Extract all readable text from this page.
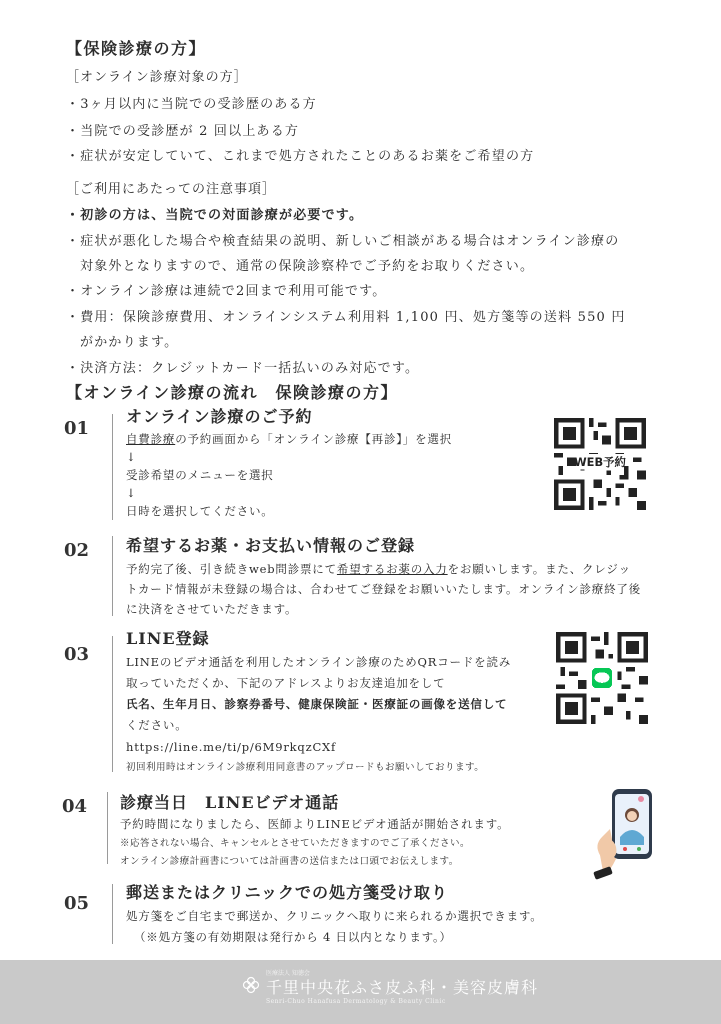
【保険診療の方】
［オンライン診療対象の方］
・3ヶ月以内に当院での受診歴のある方
・当院での受診歴が 2 回以上ある方
・症状が安定していて、これまで処方されたことのあるお薬をご希望の方
［ご利用にあたっての注意事項］
・初診の方は、当院での対面診療が必要です。
・症状が悪化した場合や検査結果の説明、新しいご相談がある場合はオンライン診療の
対象外となりますので、通常の保険診察枠でご予約をお取りください。
・オンライン診療は連続で2回まで利用可能です。
・費用：保険診療費用、オンラインシステム利用料 1,100 円、処方箋等の送料 550 円
がかかります。
・決済方法：クレジットカード一括払いのみ対応です。
【オンライン診療の流れ　保険診療の方】
01
オンライン診療のご予約
自費診療の予約画面から「オンライン診療【再診】」を選択
↓
受診希望のメニューを選択
↓
日時を選択してください。
WEB予約
02 希望するお薬・お支払い情報のご登録
予約完了後、引き続きweb問診票にて希望するお薬の入力をお願いします。また、クレジッ
トカード情報が未登録の場合は、合わせてご登録をお願いいたします。オンライン診療終了後
に決済をさせていただきます。
03
LINE登録
LINEのビデオ通話を利用したオンライン診療のためQRコードを読み
取っていただくか、下記のアドレスよりお友達追加をして
氏名、生年月日、診察券番号、健康保険証・医療証の画像を送信して
ください。
https://line.me/ti/p/6M9rkqzCXf
初回利用時はオンライン診療利用同意書のアップロードもお願いしております。
04 診療当日　LINEビデオ通話
予約時間になりましたら、医師よりLINEビデオ通話が開始されます。
※応答されない場合、キャンセルとさせていただきますのでご了承ください。
オンライン診療計画書については計画書の送信または口頭でお伝えします。
05
郵送またはクリニックでの処方箋受け取り
処方箋をご自宅まで郵送か、クリニックへ取りに来られるか選択できます。
（※処方箋の有効期限は発行から 4 日以内となります。）
医療法人 知徳会
千里中央花ふさ皮ふ科・美容皮膚科
Senri-Chuo Hanafusa Dermatology & Beauty Clinic
